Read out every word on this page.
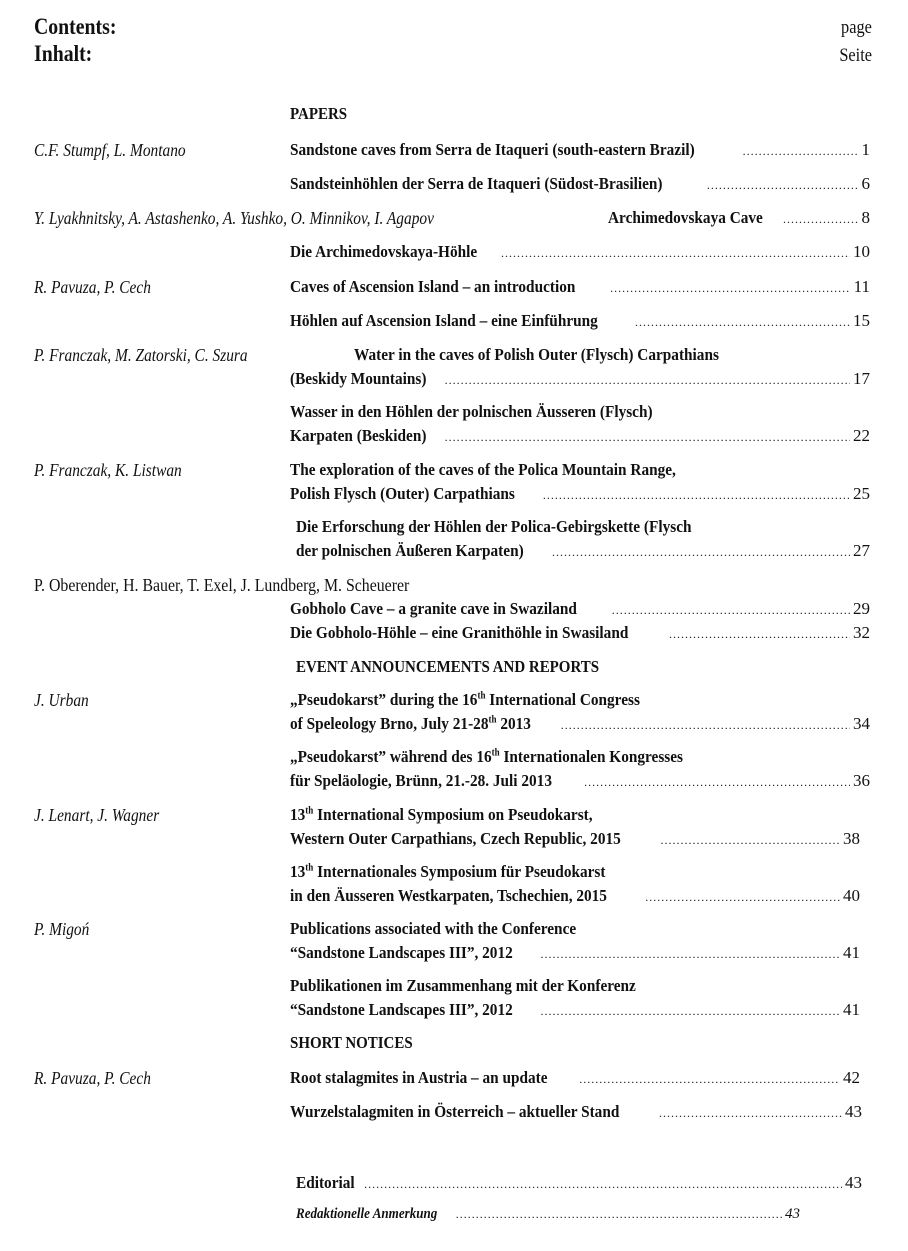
Contents:
Inhalt:
page
Seite
PAPERS
C.F. Stumpf, L. Montano	Sandstone caves from Serra de Itaqueri (south-eastern Brazil) .....	1
Sandsteinhöhlen der Serra de Itaqueri (Südost-Brasilien) .....	6
Y. Lyakhnitsky, A. Astashenko, A. Yushko, O. Minnikov, I. Agapov	Archimedovskaya Cave .....	8
Die Archimedovskaya-Höhle .....	10
R. Pavuza, P. Cech	Caves of Ascension Island – an introduction .....	11
Höhlen auf Ascension Island – eine Einführung .....	15
P. Franczak, M. Zatorski, C. Szura	Water in the caves of Polish Outer (Flysch) Carpathians
(Beskidy Mountains) .....	17
Wasser in den Höhlen der polnischen Äusseren (Flysch)
Karpaten (Beskiden) .....	22
P. Franczak, K. Listwan	The exploration of the caves of the Polica Mountain Range,
Polish Flysch (Outer) Carpathians .....	25
Die Erforschung der Höhlen der Polica-Gebirgskette (Flysch
der polnischen Äußeren Karpaten) .....	27
P. Oberender, H. Bauer, T. Exel, J. Lundberg, M. Scheuerer
Gobholo Cave – a granite cave in Swaziland .....	29
Die Gobholo-Höhle – eine Granithöhle in Swasiland .....	32
EVENT ANNOUNCEMENTS AND REPORTS
J. Urban	„Pseudokarst” during the 16th International Congress
of Speleology Brno, July 21-28th 2013 .....	34
„Pseudokarst” während des 16th Internationalen Kongresses
für Speläologie, Brünn, 21.-28. Juli 2013 .....	36
J. Lenart, J. Wagner	13th International Symposium on Pseudokarst,
Western Outer Carpathians, Czech Republic, 2015 .....	38
13th Internationales Symposium für Pseudokarst
in den Äusseren Westkarpaten, Tschechien, 2015 .....	40
P. Migoń	Publications associated with the Conference
“Sandstone Landscapes III”, 2012 .....	41
Publikationen im Zusammenhang mit der Konferenz
“Sandstone Landscapes III”, 2012 .....	41
SHORT NOTICES
R. Pavuza, P. Cech	Root stalagmites in Austria – an update .....	42
Wurzelstalagmiten in Österreich – aktueller Stand .....	43
Editorial .....	43
Redaktionelle Anmerkung .....	43
